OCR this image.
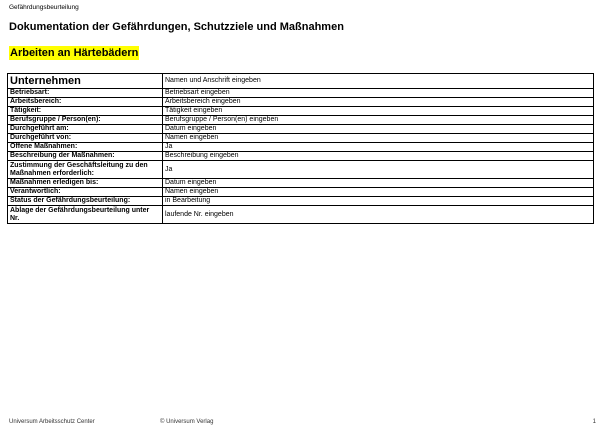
Gefährdungsbeurteilung
Dokumentation der Gefährdungen, Schutzziele und Maßnahmen
Arbeiten an Härtebädern
Unternehmen	Namen und Anschrift eingeben
Betriebsart:	Betriebsart eingeben
Arbeitsbereich:	Arbeitsbereich eingeben
Tätigkeit:	Tätigkeit eingeben
Berufsgruppe / Person(en):	Berufsgruppe / Person(en) eingeben
Durchgeführt am:	Datum eingeben
Durchgeführt von:	Namen eingeben
Offene Maßnahmen:	Ja
Beschreibung der Maßnahmen:	Beschreibung eingeben
Zustimmung der Geschäftsleitung zu den Maßnahmen erforderlich:	Ja
Maßnahmen erledigen bis:	Datum eingeben
Verantwortlich:	Namen eingeben
Status der Gefährdungsbeurteilung:	in Bearbeitung
Ablage der Gefährdungsbeurteilung unter Nr.	laufende Nr. eingeben
Universum Arbeitsschutz Center	© Universum Verlag	1
